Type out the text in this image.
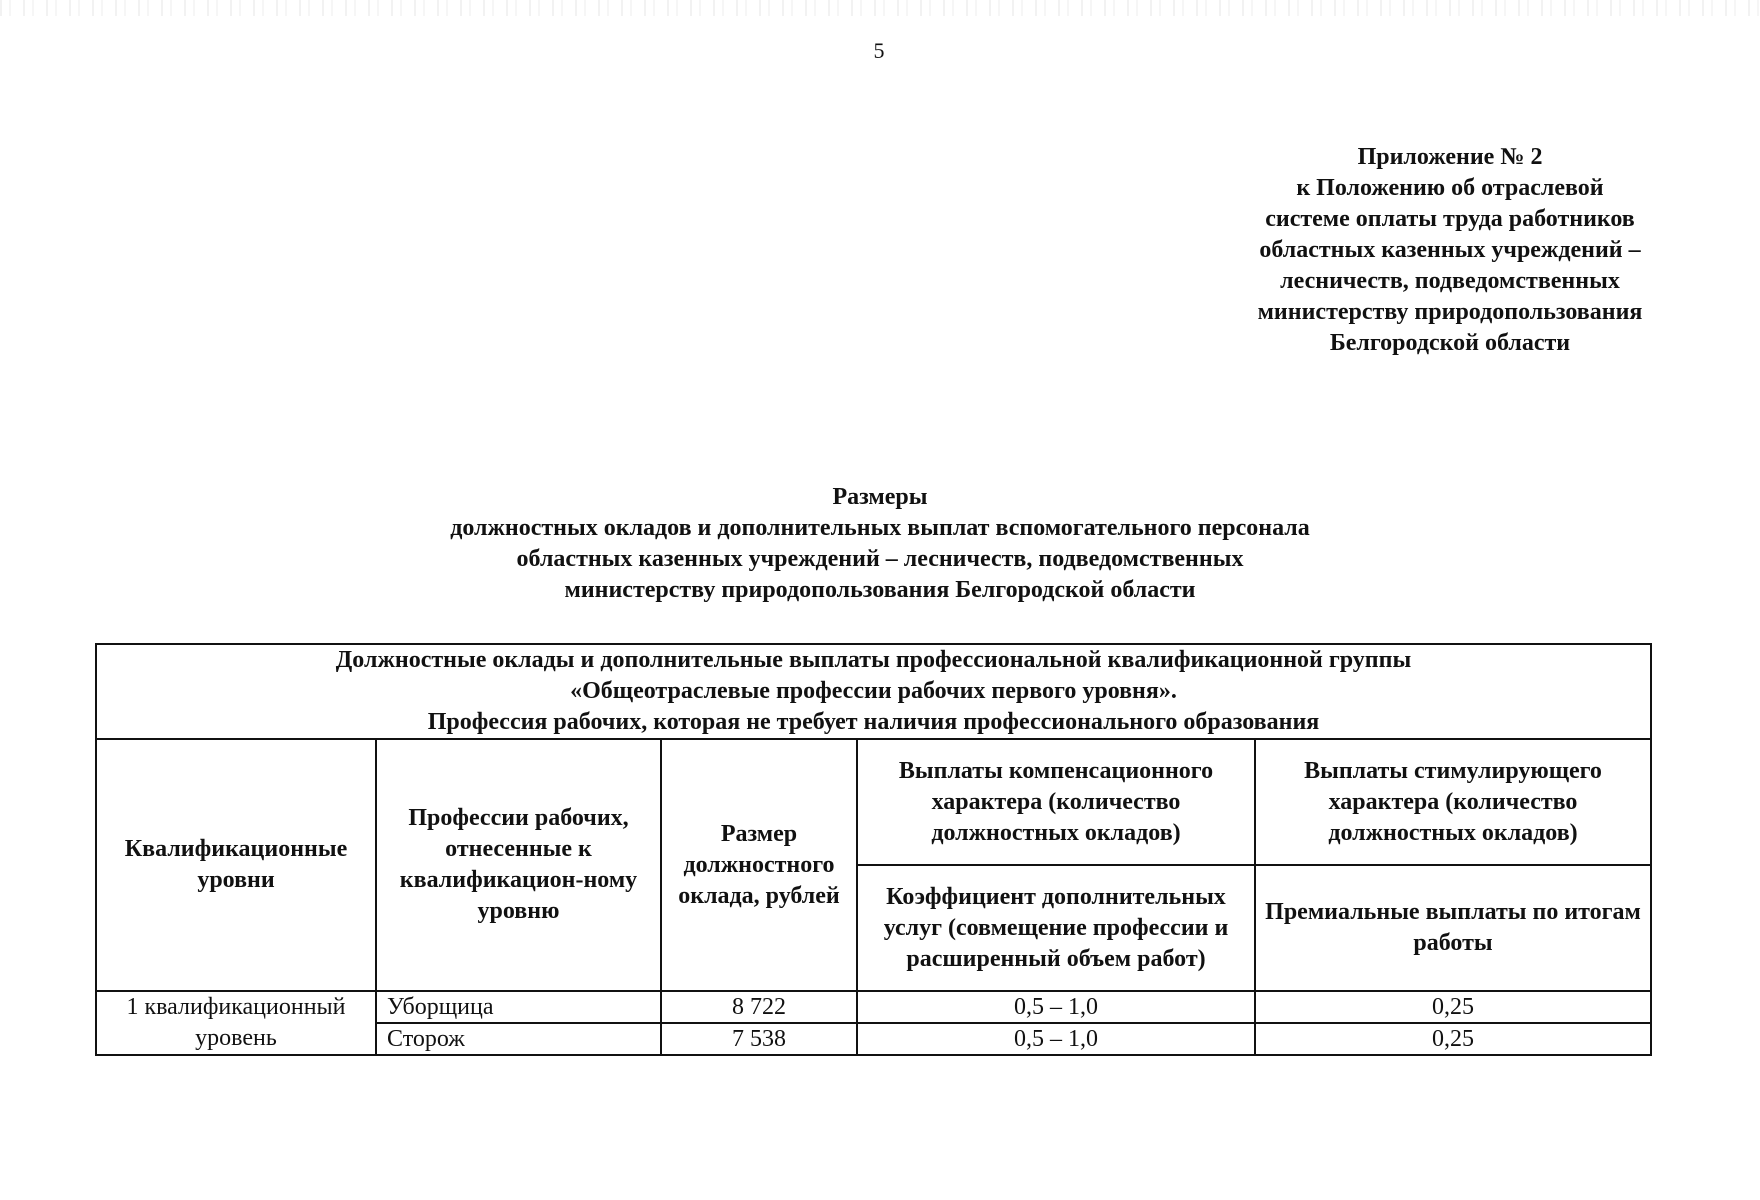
5
Приложение № 2
к Положению об отраслевой
системе оплаты труда работников
областных казенных учреждений –
лесничеств, подведомственных
министерству природопользования
Белгородской области
Размеры
должностных окладов и дополнительных выплат вспомогательного персонала
областных казенных учреждений – лесничеств, подведомственных
министерству природопользования Белгородской области
Должностные оклады и дополнительные выплаты профессиональной квалификационной группы
«Общеотраслевые профессии рабочих первого уровня».
Профессия рабочих, которая не требует наличия профессионального образования				

Квалификационные уровни	Профессии рабочих, отнесенные к квалификацион-ному уровню	Размер должностного оклада, рублей	Выплаты компенсационного характера (количество должностных окладов)	Выплаты стимулирующего характера (количество должностных окладов)
			Коэффициент дополнительных услуг (совмещение профессии и расширенный объем работ)	Премиальные выплаты по итогам работы
1 квалификационный уровень	Уборщица	8 722	0,5 – 1,0	0,25
	Сторож	7 538	0,5 – 1,0	0,25
